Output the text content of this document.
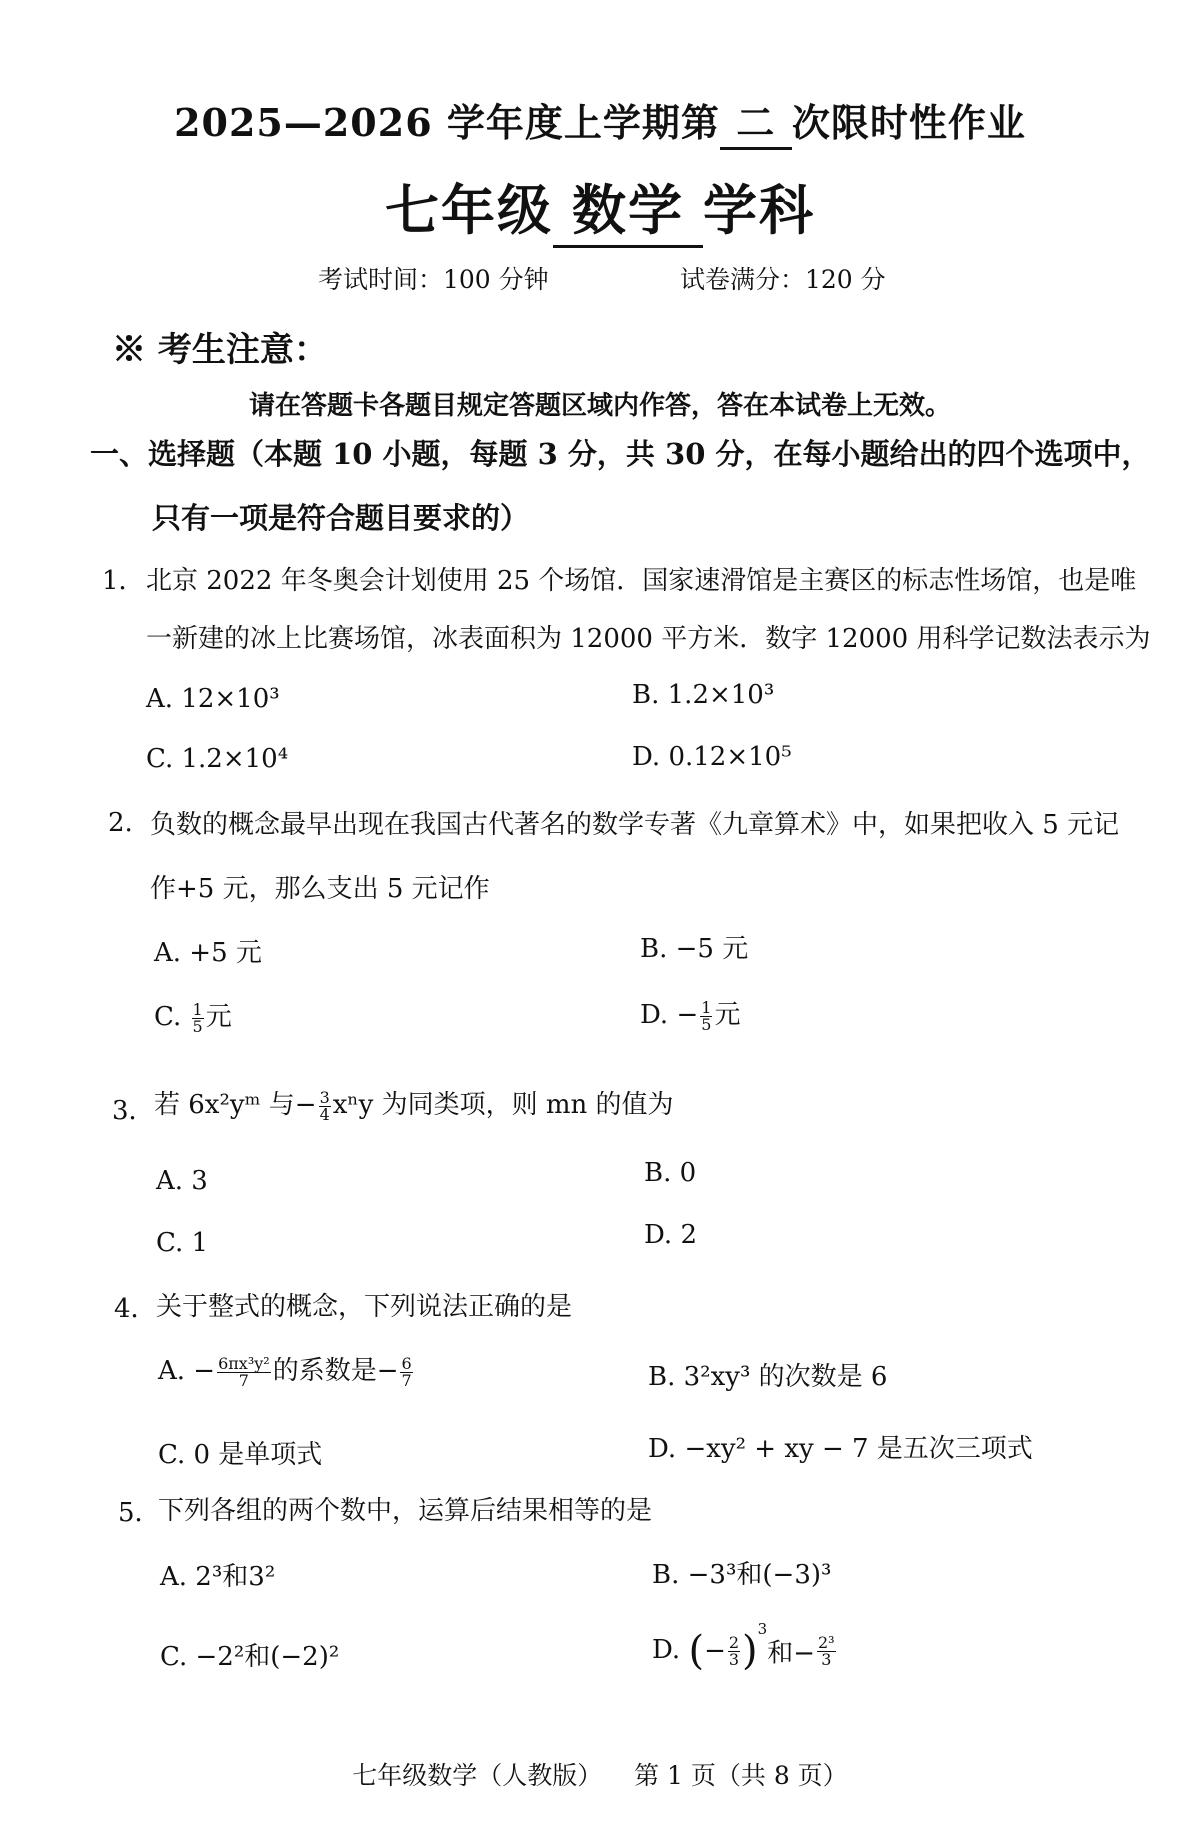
2025—2026 学年度上学期第 二 次限时性作业
七年级 数学 学科
考试时间：100 分钟	试卷满分：120 分
※ 考生注意：
请在答题卡各题目规定答题区域内作答，答在本试卷上无效。
一、选择题（本题 10 小题，每题 3 分，共 30 分，在每小题给出的四个选项中，
只有一项是符合题目要求的）
1． 北京 2022 年冬奥会计划使用 25 个场馆．国家速滑馆是主赛区的标志性场馆，也是唯
一新建的冰上比赛场馆，冰表面积为 12000 平方米．数字 12000 用科学记数法表示为
A. 12×10³	B. 1.2×10³
C. 1.2×10⁴	D. 0.12×10⁵
2. 负数的概念最早出现在我国古代著名的数学专著《九章算术》中，如果把收入 5 元记
作+5 元，那么支出 5 元记作
A. +5 元	B. −5 元
C. $\frac{1}{5}$ 元	D. − $\frac{1}{5}$ 元
3． 若 6x²yᵐ 与− $\frac{3}{4}$ xⁿy 为同类项，则 mn 的值为
A. 3	B. 0
C. 1	D. 2
4． 关于整式的概念，下列说法正确的是
A. − $\frac{\text{6πx³y²}}{7}$ 的系数是− $\frac{6}{7}$	B. 3²xy³ 的次数是 6
C. 0 是单项式	D. −xy² + xy − 7 是五次三项式
5．
下列各组的两个数中，运算后结果相等的是
A. 2³和3²	B. −3³和(−3)³
C. −2²和(−2)²	D. (− $\frac{2}{3} )^3$和− $\frac{\text{2³}}{3}$
七年级数学（人教版）    第 1 页（共 8 页）
